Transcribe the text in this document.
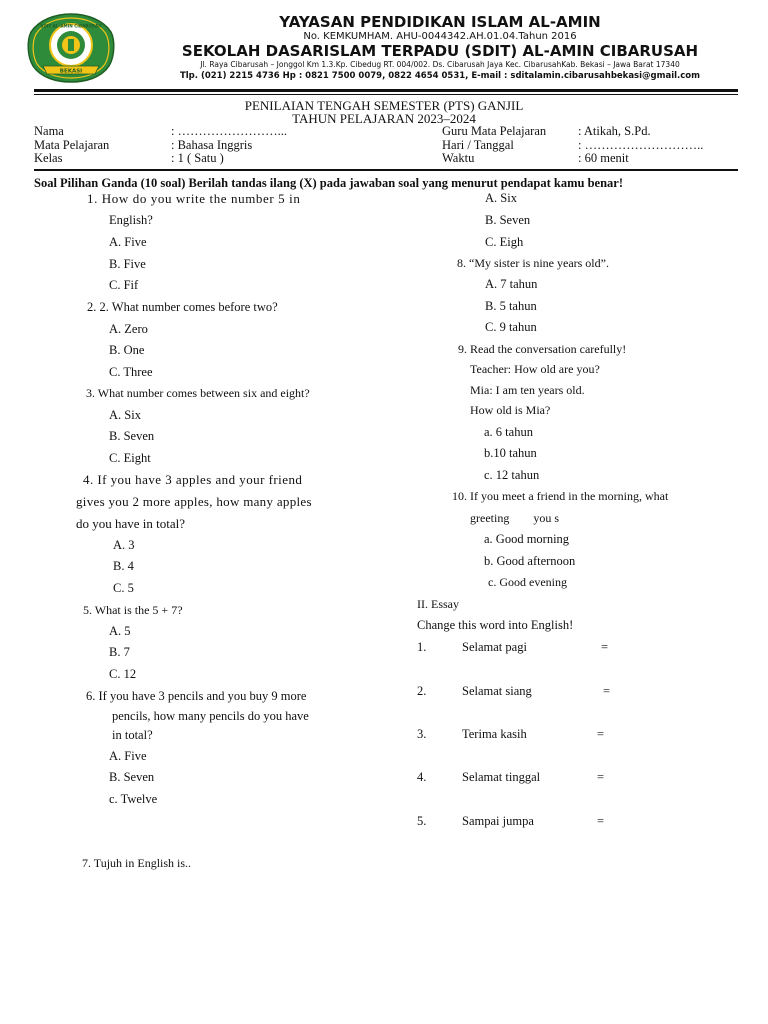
SDIT AL-AMIN CIBARUSAH
BEKASI
YAYASAN PENDIDIKAN ISLAM AL-AMIN
No. KEMKUMHAM. AHU-0044342.AH.01.04.Tahun 2016
SEKOLAH DASARISLAM TERPADU (SDIT) AL-AMIN CIBARUSAH
Jl. Raya Cibarusah – Jonggol Km 1.3.Kp. Cibedug RT. 004/002. Ds. Cibarusah Jaya Kec. CibarusahKab. Bekasi – Jawa Barat 17340
Tlp. (021) 2215 4736 Hp : 0821 7500 0079, 0822 4654 0531, E-mail : sditalamin.cibarusahbekasi@gmail.com
PENILAIAN TENGAH SEMESTER (PTS) GANJIL
TAHUN PELAJARAN 2023–2024
Nama	: ……………………...
Mata Pelajaran	: Bahasa Inggris
Kelas	: 1 ( Satu )
Guru Mata Pelajaran	: Atikah, S.Pd.
Hari / Tanggal	: ………………………..
Waktu	: 60 menit
Soal Pilihan Ganda (10 soal) Berilah tandas ilang (X) pada jawaban soal yang menurut pendapat kamu benar!
1. How do you write the number 5 in
English?
A. Five
B. Five
C. Fif
2. 2. What number comes before two?
A. Zero
B. One
C. Three
3. What number comes between six and eight?
A. Six
B. Seven
C. Eight
4. If you have 3 apples and your friend
gives you 2 more apples, how many apples
do you have in total?
A. 3
B. 4
C. 5
5. What is the 5 + 7?
A. 5
B. 7
C. 12
6. If you have 3 pencils and you buy 9 more
pencils, how many pencils do you have
in total?
A. Five
B. Seven
c. Twelve
7. Tujuh in English is..
A. Six
B. Seven
C. Eigh
8. “My sister is nine years old”.
A. 7 tahun
B. 5 tahun
C. 9 tahun
9. Read the conversation carefully!
Teacher: How old are you?
Mia: I am ten years old.
How old is Mia?
a. 6 tahun
b.10 tahun
c. 12 tahun
10. If you meet a friend in the morning, what
greeting        you s
a. Good morning
b. Good afternoon
c. Good evening
II. Essay
Change this word into English!
1.	Selamat pagi	=
2.	Selamat siang	=
3.	Terima kasih	=
4.	Selamat tinggal	=
5.	Sampai jumpa	=
